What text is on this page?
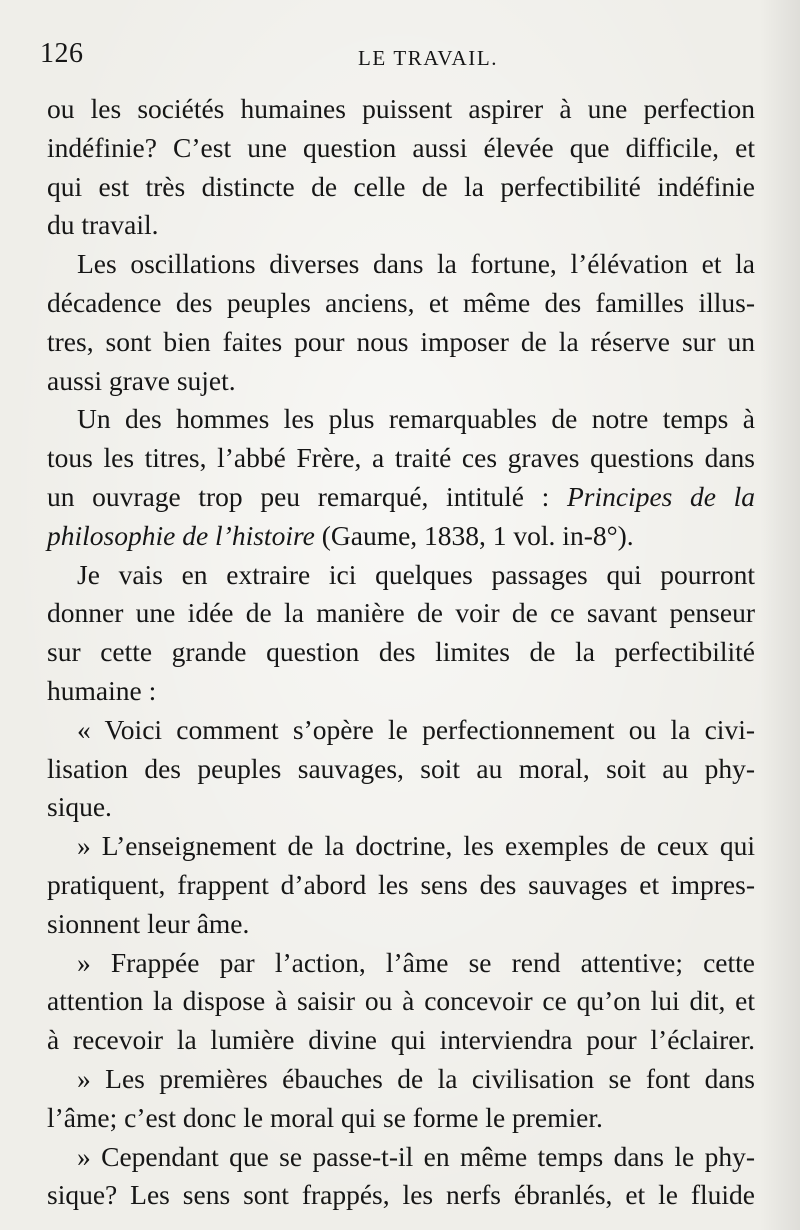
126	LE TRAVAIL.
ou les sociétés humaines puissent aspirer à une perfection
indéfinie? C’est une question aussi élevée que difficile, et
qui est très distincte de celle de la perfectibilité indéfinie
du travail.
Les oscillations diverses dans la fortune, l’élévation et la
décadence des peuples anciens, et même des familles illus-
tres, sont bien faites pour nous imposer de la réserve sur un
aussi grave sujet.
Un des hommes les plus remarquables de notre temps à
tous les titres, l’abbé Frère, a traité ces graves questions dans
un ouvrage trop peu remarqué, intitulé : Principes de la
philosophie de l’histoire (Gaume, 1838, 1 vol. in-8°).
Je vais en extraire ici quelques passages qui pourront
donner une idée de la manière de voir de ce savant penseur
sur cette grande question des limites de la perfectibilité
humaine :
« Voici comment s’opère le perfectionnement ou la civi-
lisation des peuples sauvages, soit au moral, soit au phy-
sique.
» L’enseignement de la doctrine, les exemples de ceux qui
pratiquent, frappent d’abord les sens des sauvages et impres-
sionnent leur âme.
» Frappée par l’action, l’âme se rend attentive; cette
attention la dispose à saisir ou à concevoir ce qu’on lui dit, et
à recevoir la lumière divine qui interviendra pour l’éclairer.
» Les premières ébauches de la civilisation se font dans
l’âme; c’est donc le moral qui se forme le premier.
» Cependant que se passe-t-il en même temps dans le phy-
sique? Les sens sont frappés, les nerfs ébranlés, et le fluide
